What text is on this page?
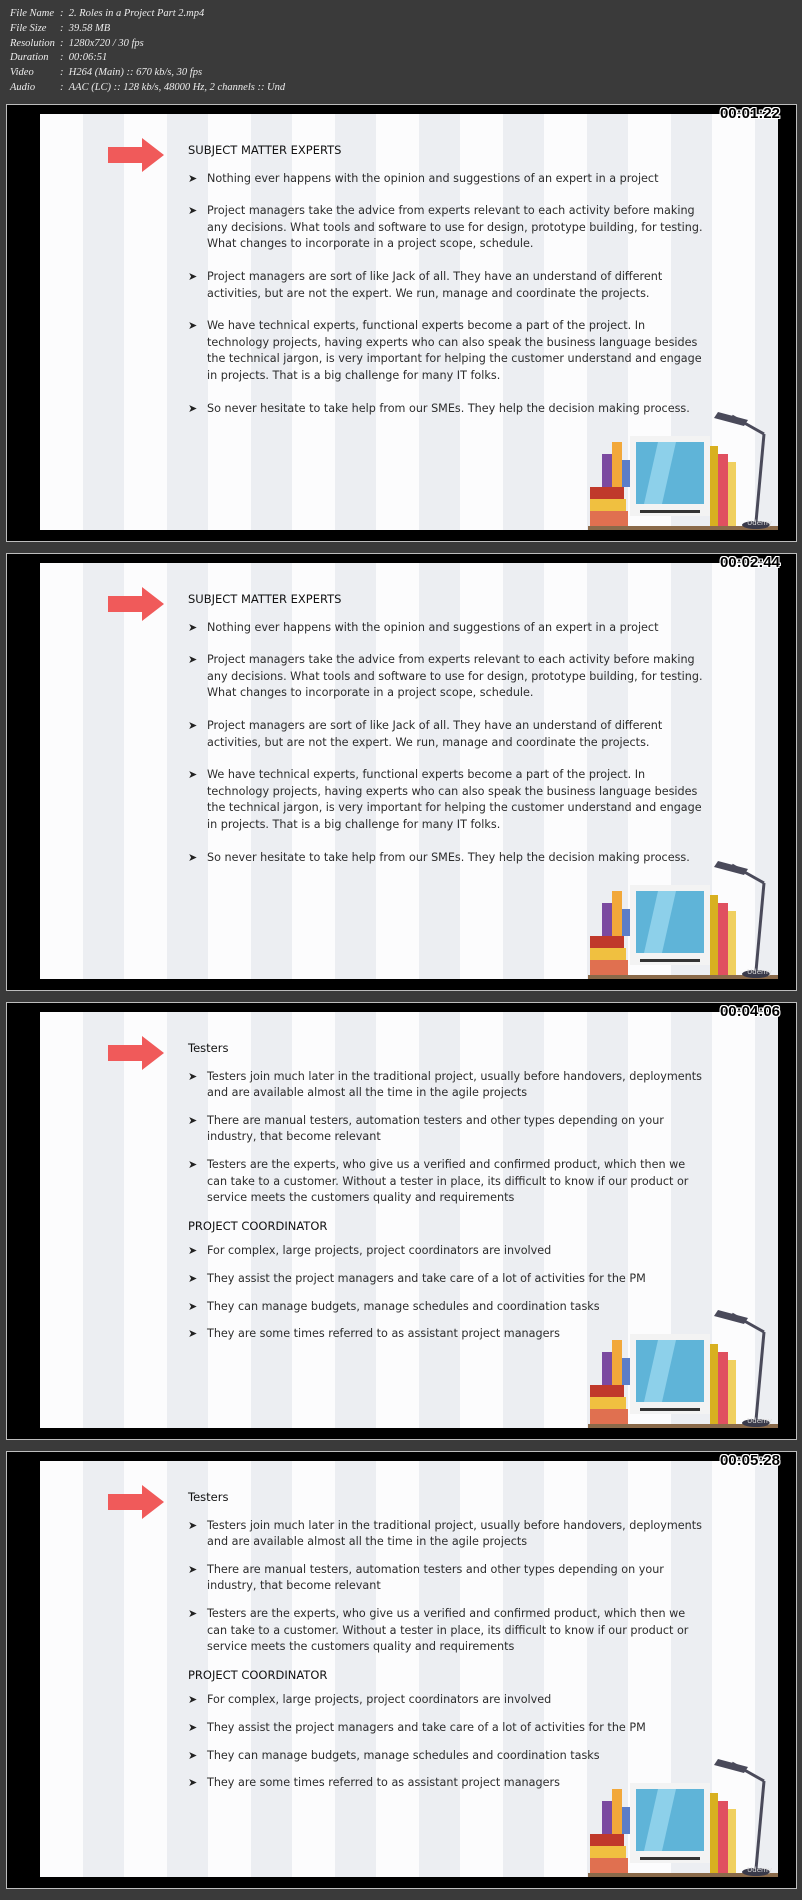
File Name : 2. Roles in a Project Part 2.mp4
File Size	: 39.58 MB
Resolution : 1280x720 / 30 fps
Duration	: 00:06:51
Video	: H264 (Main) :: 670 kb/s, 30 fps
Audio	: AAC (LC) :: 128 kb/s, 48000 Hz, 2 channels :: Und
SUBJECT MATTER EXPERTS
➤ Nothing ever happens with the opinion and suggestions of an expert in a project
➤ Project managers take the advice from experts relevant to each activity before making any decisions. What tools and software to use for design, prototype building, for testing. What changes to incorporate in a project scope, schedule.
➤ Project managers are sort of like Jack of all. They have an understand of different activities, but are not the expert. We run, manage and coordinate the projects.
➤ We have technical experts, functional experts become a part of the project. In technology projects, having experts who can also speak the business language besides the technical jargon, is very important for helping the customer understand and engage in projects. That is a big challenge for many IT folks.
➤ So never hesitate to take help from our SMEs. They help the decision making process.
Udemy
00:01:22
SUBJECT MATTER EXPERTS
➤ Nothing ever happens with the opinion and suggestions of an expert in a project
➤ Project managers take the advice from experts relevant to each activity before making any decisions. What tools and software to use for design, prototype building, for testing. What changes to incorporate in a project scope, schedule.
➤ Project managers are sort of like Jack of all. They have an understand of different activities, but are not the expert. We run, manage and coordinate the projects.
➤ We have technical experts, functional experts become a part of the project. In technology projects, having experts who can also speak the business language besides the technical jargon, is very important for helping the customer understand and engage in projects. That is a big challenge for many IT folks.
➤ So never hesitate to take help from our SMEs. They help the decision making process.
Udemy
00:02:44
Testers
➤ Testers join much later in the traditional project, usually before handovers, deployments and are available almost all the time in the agile projects
➤ There are manual testers, automation testers and other types depending on your industry, that become relevant
➤ Testers are the experts, who give us a verified and confirmed product, which then we can take to a customer. Without a tester in place, its difficult to know if our product or service meets the customers quality and requirements
PROJECT COORDINATOR
➤ For complex, large projects, project coordinators are involved
➤ They assist the project managers and take care of a lot of activities for the PM
➤ They can manage budgets, manage schedules and coordination tasks
➤ They are some times referred to as assistant project managers
Udemy
00:04:06
Testers
➤ Testers join much later in the traditional project, usually before handovers, deployments and are available almost all the time in the agile projects
➤ There are manual testers, automation testers and other types depending on your industry, that become relevant
➤ Testers are the experts, who give us a verified and confirmed product, which then we can take to a customer. Without a tester in place, its difficult to know if our product or service meets the customers quality and requirements
PROJECT COORDINATOR
➤ For complex, large projects, project coordinators are involved
➤ They assist the project managers and take care of a lot of activities for the PM
➤ They can manage budgets, manage schedules and coordination tasks
➤ They are some times referred to as assistant project managers
Udemy
00:05:28
